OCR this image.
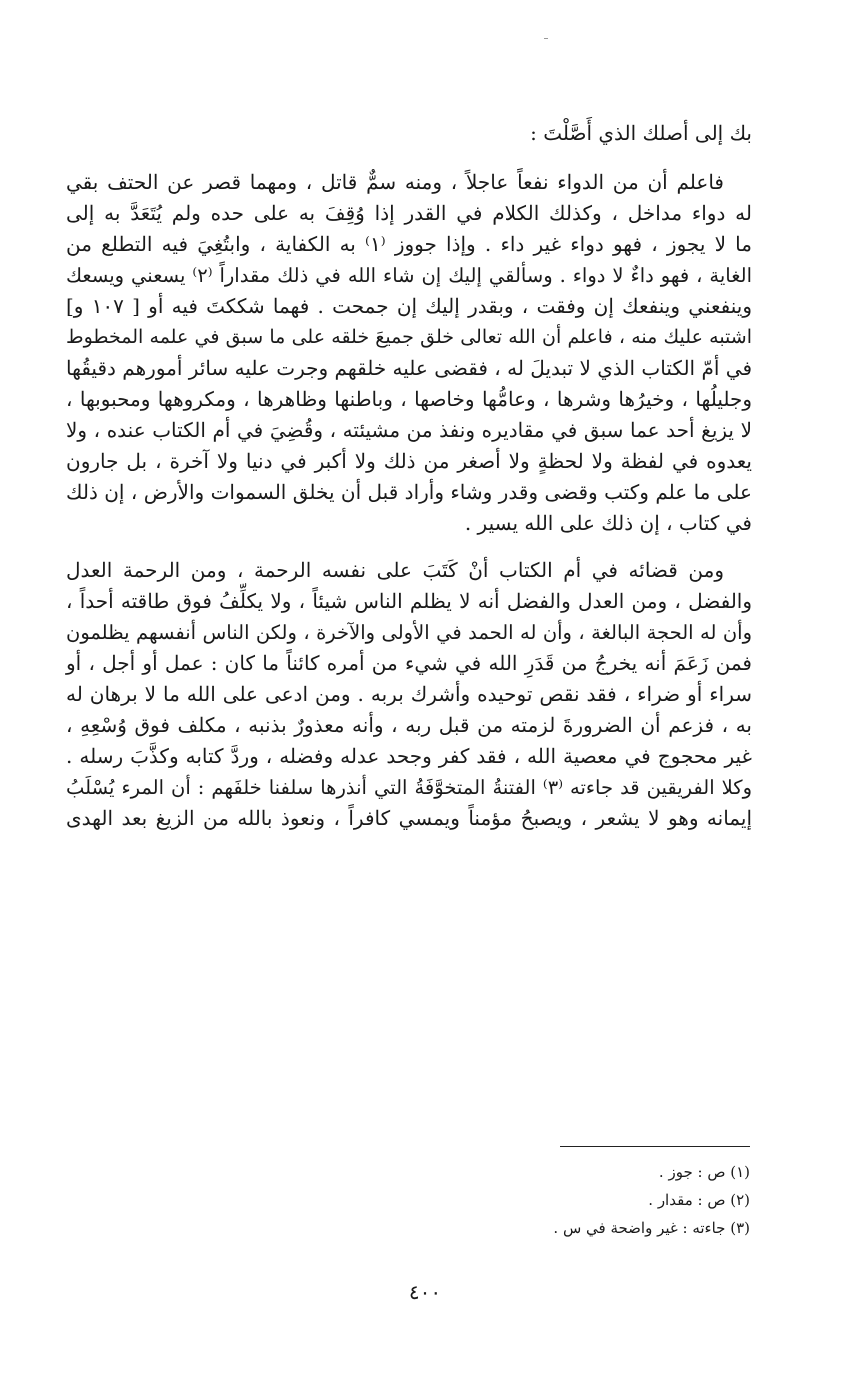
بك إلى أصلك الذي أَصَّلْتَ :
فاعلم أن من الدواء نفعاً عاجلاً ، ومنه سمٌّ قاتل ، ومهما قصر عن الحتف بقي
له دواء مداخل ، وكذلك الكلام في القدر إذا وُقِفَ به على حده ولم يُتَعَدَّ به إلى
ما لا يجوز ، فهو دواء غير داء . وإذا جووز ⁽١⁾ به الكفاية ، وابتُغِيَ فيه التطلع من
الغاية ، فهو داءٌ لا دواء . وسألقي إليك إن شاء الله في ذلك مقداراً ⁽٢⁾ يسعني ويسعك
وينفعني وينفعك إن وفقت ، وبقدر إليك إن جمحت . فهما شككتَ فيه أو [ ١٠٧ و]
اشتبه عليك منه ، فاعلم أن الله تعالى خلق جميعَ خلقه على ما سبق في علمه المخطوط
في أمّ الكتاب الذي لا تبديلَ له ، فقضى عليه خلقهم وجرت عليه سائر أمورهم دقيقُها
وجليلُها ، وخيرُها وشرها ، وعامُّها وخاصها ، وباطنها وظاهرها ، ومكروهها ومحبوبها ،
لا يزيغ أحد عما سبق في مقاديره ونفذ من مشيئته ، وقُضِيَ في أم الكتاب عنده ، ولا
يعدوه في لفظة ولا لحظةٍ ولا أصغر من ذلك ولا أكبر في دنيا ولا آخرة ، بل جارون
على ما علم وكتب وقضى وقدر وشاء وأراد قبل أن يخلق السموات والأرض ، إن ذلك
في كتاب ، إن ذلك على الله يسير .
ومن قضائه في أم الكتاب أنْ كَتَبَ على نفسه الرحمة ، ومن الرحمة العدل
والفضل ، ومن العدل والفضل أنه لا يظلم الناس شيئاً ، ولا يكلِّفُ فوق طاقته أحداً ،
وأن له الحجة البالغة ، وأن له الحمد في الأولى والآخرة ، ولكن الناس أنفسهم يظلمون
فمن زَعَمَ أنه يخرجُ من قَدَرِ الله في شيء من أمره كائناً ما كان : عمل أو أجل ، أو
سراء أو ضراء ، فقد نقص توحيده وأشرك بربه . ومن ادعى على الله ما لا برهان له
به ، فزعم أن الضرورةَ لزمته من قبل ربه ، وأنه معذورٌ بذنبه ، مكلف فوق وُسْعِهِ ،
غير محجوج في معصية الله ، فقد كفر وجحد عدله وفضله ، وردَّ كتابه وكذَّبَ رسله .
وكلا الفريقين قد جاءته ⁽٣⁾ الفتنةُ المتخوَّفَةُ التي أنذرها سلفنا خلفَهم : أن المرء يُسْلَبُ
إيمانه وهو لا يشعر ، ويصبحُ مؤمناً ويمسي كافراً ، ونعوذ بالله من الزيغ بعد الهدى
(١) ص : جوز .
(٢) ص : مقدار .
(٣) جاءته : غير واضحة في س .
٤٠٠
